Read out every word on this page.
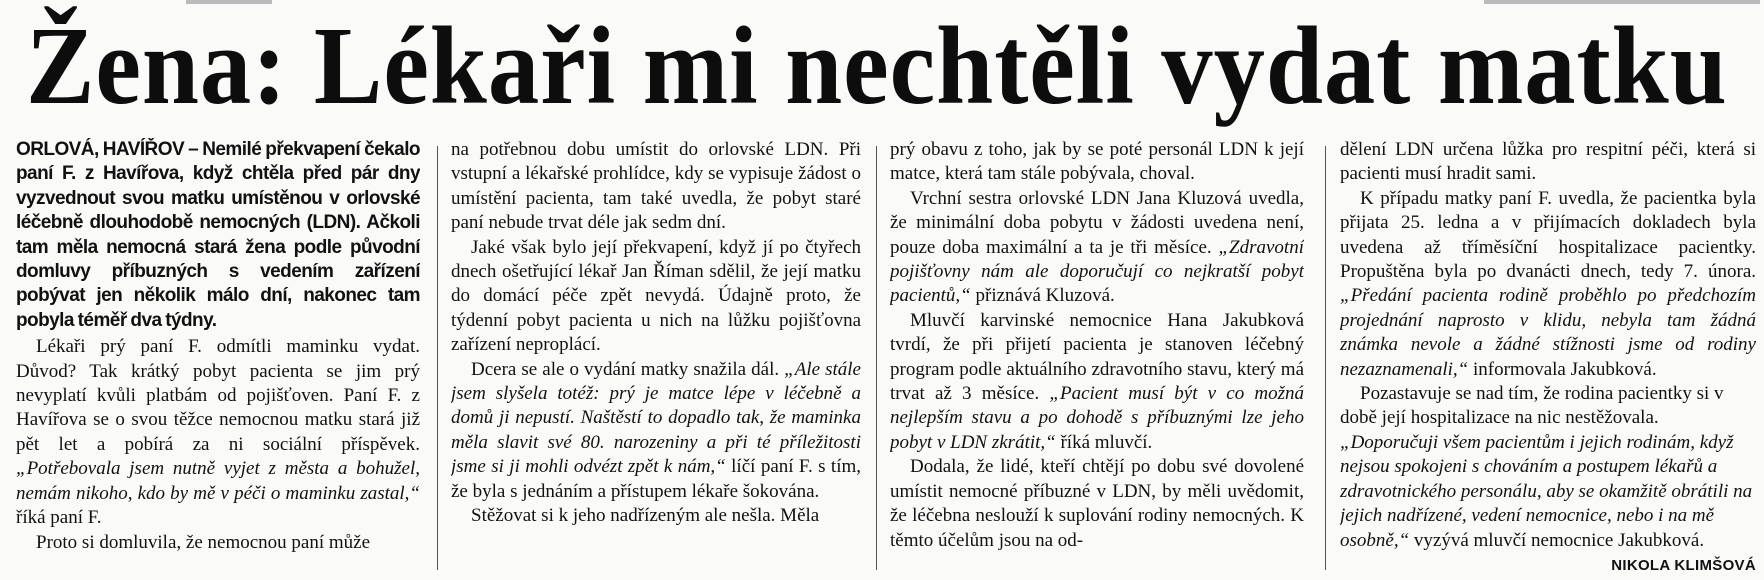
Žena: Lékaři mi nechtěli vydat matku

ORLOVÁ, HAVÍŘOV – Nemilé překvapení čekalo paní F. z Havířova, když chtěla před pár dny vyzvednout svou matku umístěnou v orlovské léčebně dlouhodobě nemocných (LDN). Ačkoli tam měla nemocná stará žena podle původní domluvy příbuzných s vedením zařízení pobývat jen několik málo dní, nakonec tam pobyla téměř dva týdny.

Lékaři prý paní F. odmítli maminku vydat. Důvod? Tak krátký pobyt pacienta se jim prý nevyplatí kvůli platbám od pojišťoven. Paní F. z Havířova se o svou těžce nemocnou matku stará již pět let a pobírá za ni sociální příspěvek. „Potřebovala jsem nutně vyjet z města a bohužel, nemám nikoho, kdo by mě v péči o maminku zastal,“ říká paní F.

Proto si domluvila, že nemocnou paní může

na potřebnou dobu umístit do orlovské LDN. Při vstupní a lékařské prohlídce, kdy se vypisuje žádost o umístění pacienta, tam také uvedla, že pobyt staré paní nebude trvat déle jak sedm dní.

Jaké však bylo její překvapení, když jí po čtyřech dnech ošetřující lékař Jan Říman sdělil, že její matku do domácí péče zpět nevydá. Údajně proto, že týdenní pobyt pacienta u nich na lůžku pojišťovna zařízení neproplácí.

Dcera se ale o vydání matky snažila dál. „Ale stále jsem slyšela totéž: prý je matce lépe v léčebně a domů ji nepustí. Naštěstí to dopadlo tak, že maminka měla slavit své 80. narozeniny a při té příležitosti jsme si ji mohli odvézt zpět k nám,“ líčí paní F. s tím, že byla s jednáním a přístupem lékaře šokována.

Stěžovat si k jeho nadřízeným ale nešla. Měla

prý obavu z toho, jak by se poté personál LDN k její matce, která tam stále pobývala, choval.

Vrchní sestra orlovské LDN Jana Kluzová uvedla, že minimální doba pobytu v žádosti uvedena není, pouze doba maximální a ta je tři měsíce. „Zdravotní pojišťovny nám ale doporučují co nejkratší pobyt pacientů,“ přiznává Kluzová.

Mluvčí karvinské nemocnice Hana Jakubková tvrdí, že při přijetí pacienta je stanoven léčebný program podle aktuálního zdravotního stavu, který má trvat až 3 měsíce. „Pacient musí být v co možná nejlepším stavu a po dohodě s příbuznými lze jeho pobyt v LDN zkrátit,“ říká mluvčí.

Dodala, že lidé, kteří chtějí po dobu své dovolené umístit nemocné příbuzné v LDN, by měli uvědomit, že léčebna neslouží k suplování rodiny nemocných. K těmto účelům jsou na od-

dělení LDN určena lůžka pro respitní péči, která si pacienti musí hradit sami.

K případu matky paní F. uvedla, že pacientka byla přijata 25. ledna a v přijímacích dokladech byla uvedena až tříměsíční hospitalizace pacientky. Propuštěna byla po dvanácti dnech, tedy 7. února. „Předání pacienta rodině proběhlo po předchozím projednání naprosto v klidu, nebyla tam žádná známka nevole a žádné stížnosti jsme od rodiny nezaznamenali,“ informovala Jakubková.

Pozastavuje se nad tím, že rodina pacientky si v době její hospitalizace na nic nestěžovala. „Doporučuji všem pacientům i jejich rodinám, když nejsou spokojeni s chováním a postupem lékařů a zdravotnického personálu, aby se okamžitě obrátili na jejich nadřízené, vedení nemocnice, nebo i na mě osobně,“ vyzývá mluvčí nemocnice Jakubková.
NIKOLA KLIMŠOVÁ
